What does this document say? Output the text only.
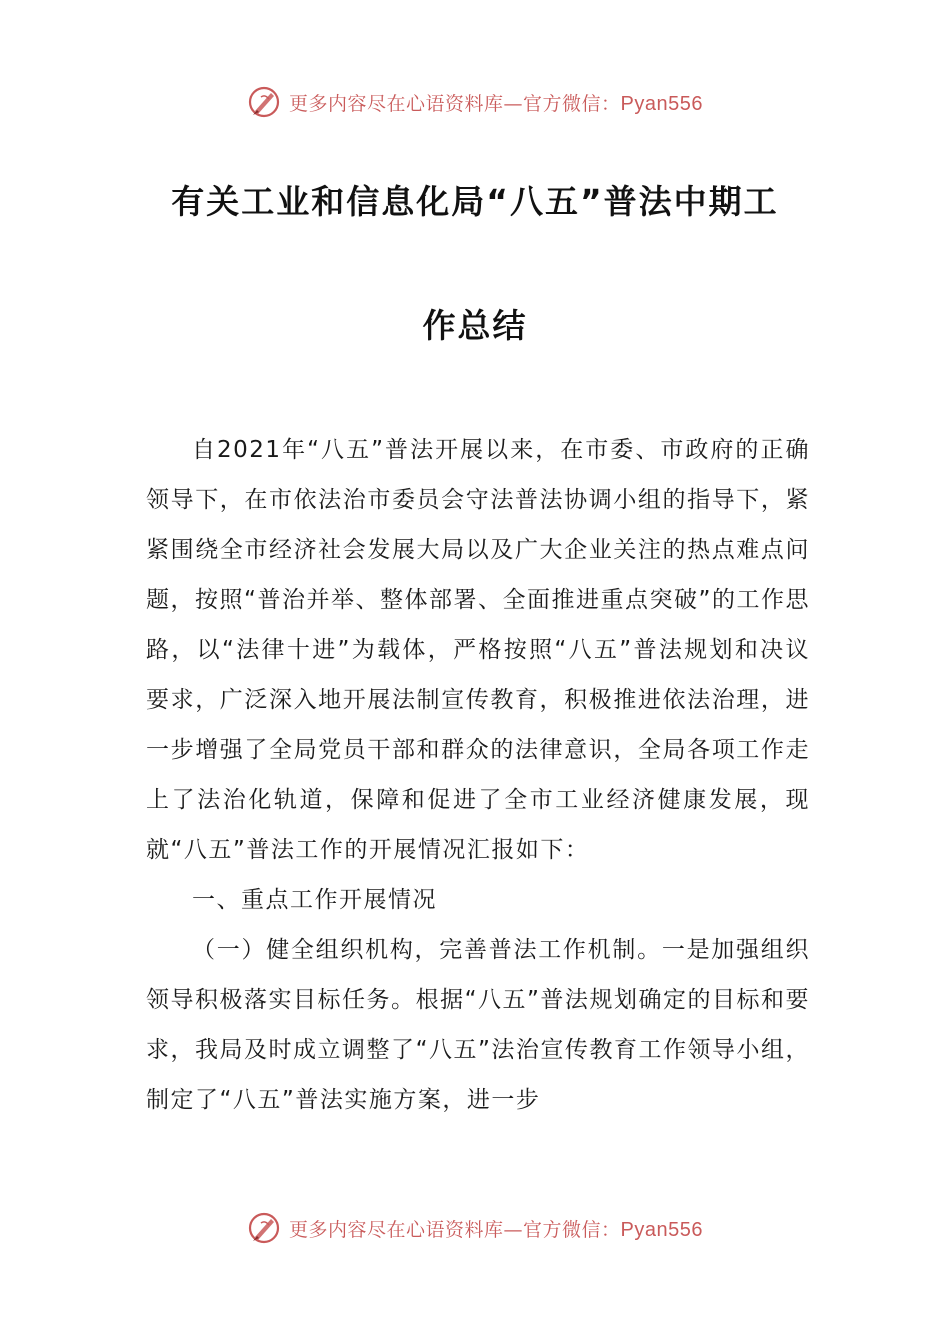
更多内容尽在心语资料库—官方微信：Pyan556
有关工业和信息化局“八五”普法中期工
作总结

自2021年“八五”普法开展以来，在市委、市政府的正确领导下，在市依法治市委员会守法普法协调小组的指导下，紧紧围绕全市经济社会发展大局以及广大企业关注的热点难点问题，按照“普治并举、整体部署、全面推进重点突破”的工作思路，以“法律十进”为载体，严格按照“八五”普法规划和决议要求，广泛深入地开展法制宣传教育，积极推进依法治理，进一步增强了全局党员干部和群众的法律意识，全局各项工作走上了法治化轨道，保障和促进了全市工业经济健康发展，现就“八五”普法工作的开展情况汇报如下：

一、重点工作开展情况

（一）健全组织机构，完善普法工作机制。一是加强组织领导积极落实目标任务。根据“八五”普法规划确定的目标和要求，我局及时成立调整了“八五”法治宣传教育工作领导小组，制定了“八五”普法实施方案，进一步

更多内容尽在心语资料库—官方微信：Pyan556
